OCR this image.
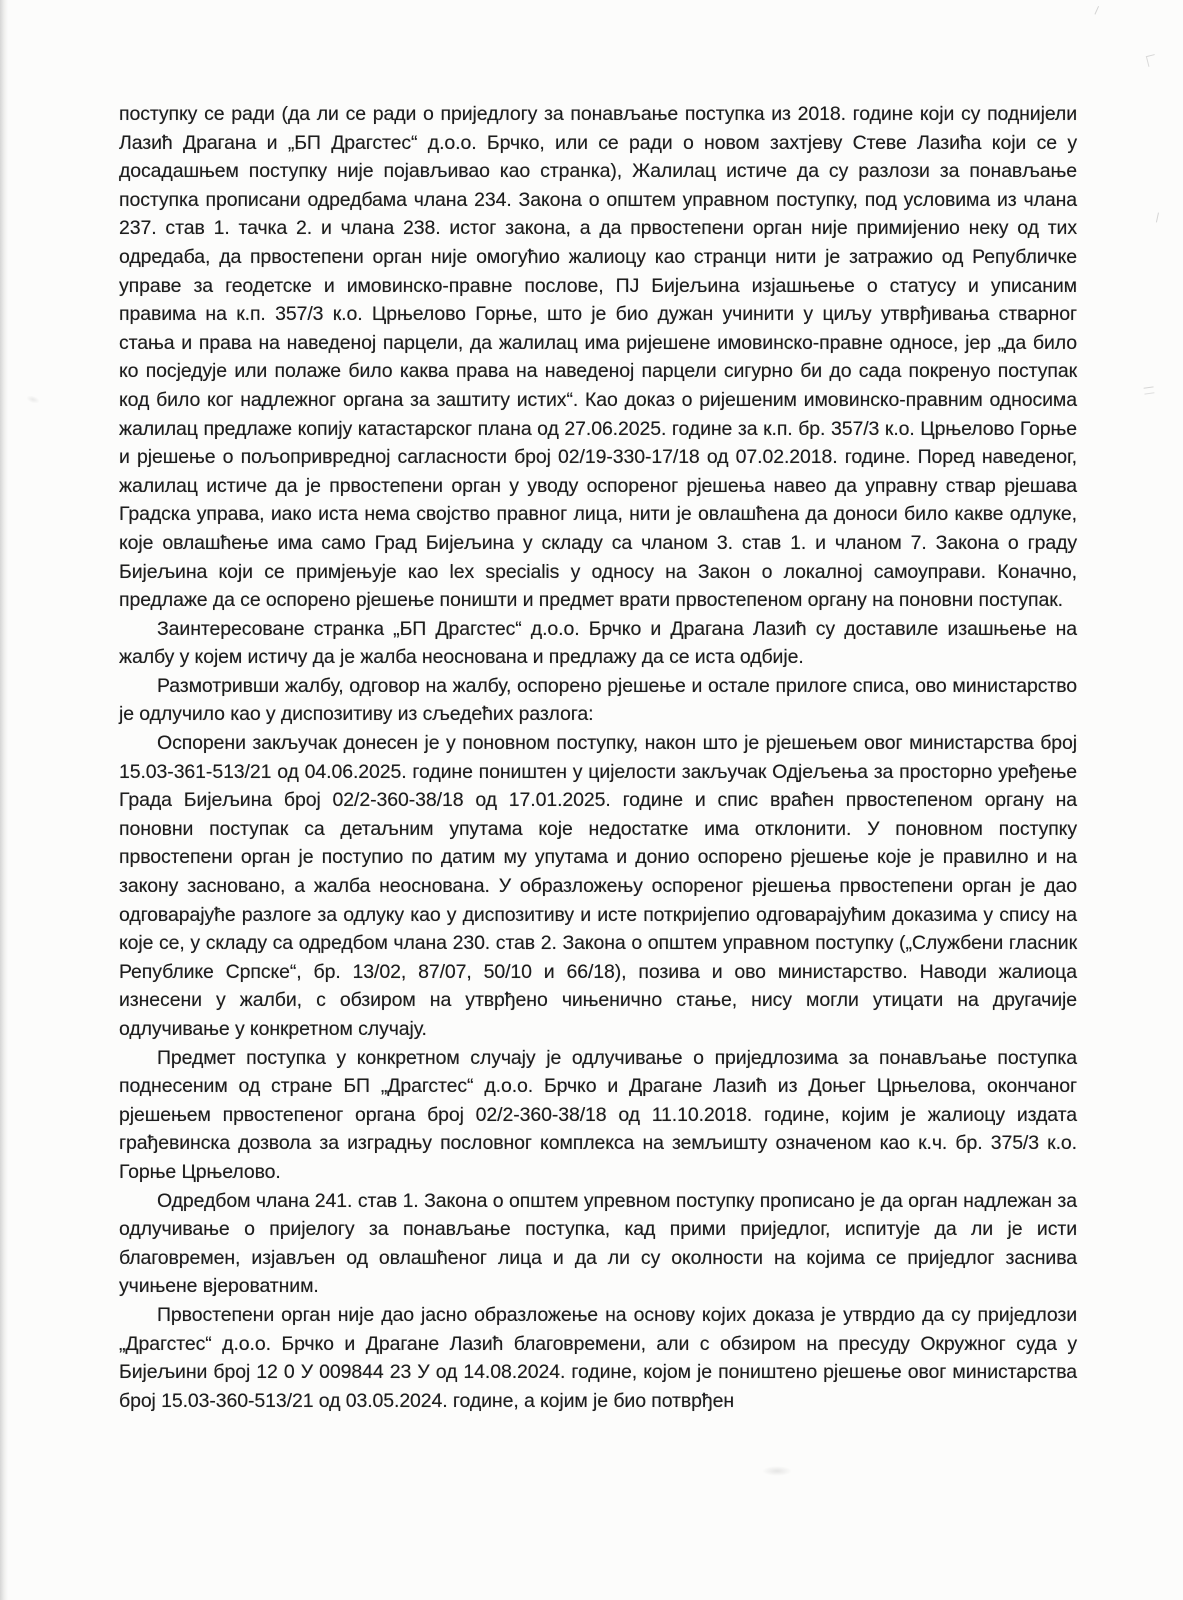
поступку се ради (да ли се ради о приједлогу за понављање поступка из 2018. године који су поднијели Лазић Драгана и „БП Драгстес“ д.о.о. Брчко, или се ради о новом захтјеву Стеве Лазића који се у досадашњем поступку није појављивао као странка), Жалилац истиче да су разлози за понављање поступка прописани одредбама члана 234. Закона о општем управном поступку, под условима из члана 237. став 1. тачка 2. и члана 238. истог закона, а да првостепени орган није примијенио неку од тих одредаба, да првостепени орган није омогућио жалиоцу као странци нити је затражио од Републичке управе за геодетске и имовинско-правне послове, ПЈ Бијељина изјашњење о статусу и уписаним правима на к.п. 357/3 к.о. Црњелово Горње, што је био дужан учинити у циљу утврђивања стварног стања и права на наведеној парцели, да жалилац има ријешене имовинско-правне односе, јер „да било ко посједује или полаже било каква права на наведеној парцели сигурно би до сада покренуо поступак код било ког надлежног органа за заштиту истих“. Као доказ о ријешеним имовинско-правним односима жалилац предлаже копију катастарског плана од 27.06.2025. године за к.п. бр. 357/3 к.о. Црњелово Горње и рјешење о пољопривредној сагласности број 02/19-330-17/18 од 07.02.2018. године. Поред наведеног, жалилац истиче да је првостепени орган у уводу оспореног рјешења навео да управну ствар рјешава Градска управа, иако иста нема својство правног лица, нити је овлашћена да доноси било какве одлуке, које овлашћење има само Град Бијељина у складу са чланом 3. став 1. и чланом 7. Закона о граду Бијељина који се примјењује као lex specialis у односу на Закон о локалној самоуправи. Коначно, предлаже да се оспорено рјешење поништи и предмет врати првостепеном органу на поновни поступак.

Заинтересоване странка „БП Драгстес“ д.о.о. Брчко и Драгана Лазић су доставиле изашњење на жалбу у којем истичу да је жалба неоснована и предлажу да се иста одбије.

Размотривши жалбу, одговор на жалбу, оспорено рјешење и остале прилоге списа, ово министарство је одлучило као у диспозитиву из сљедећих разлога:

Оспорени закључак донесен је у поновном поступку, након што је рјешењем овог министарства број 15.03-361-513/21 од 04.06.2025. године поништен у цијелости закључак Одјељења за просторно уређење Града Бијељина број 02/2-360-38/18 од 17.01.2025. године и спис враћен првостепеном органу на поновни поступак са детаљним упутама које недостатке има отклонити. У поновном поступку првостепени орган је поступио по датим му упутама и донио оспорено рјешење које је правилно и на закону засновано, а жалба неоснована. У образложењу оспореног рјешења првостепени орган је дао одговарајуће разлоге за одлуку као у диспозитиву и исте поткријепио одговарајућим доказима у спису на које се, у складу са одредбом члана 230. став 2. Закона о општем управном поступку („Службени гласник Републике Српске“, бр. 13/02, 87/07, 50/10 и 66/18), позива и ово министарство. Наводи жалиоца изнесени у жалби, с обзиром на утврђено чињенично стање, нису могли утицати на другачије одлучивање у конкретном случају.

Предмет поступка у конкретном случају је одлучивање о приједлозима за понављање поступка поднесеним од стране БП „Драгстес“ д.о.о. Брчко и Драгане Лазић из Доњег Црњелова, окончаног рјешењем првостепеног органа број 02/2-360-38/18 од 11.10.2018. године, којим је жалиоцу издата грађевинска дозвола за изградњу пословног комплекса на земљишту означеном као к.ч. бр. 375/3 к.о. Горње Црњелово.

Одредбом члана 241. став 1. Закона о општем упревном поступку прописано је да орган надлежан за одлучивање о пријелогу за понављање поступка, кад прими приједлог, испитује да ли је исти благовремен, изјављен од овлашћеног лица и да ли су околности на којима се приједлог заснива учињене вјероватним.

Првостепени орган није дао јасно образложење на основу којих доказа је утврдио да су приједлози „Драгстес“ д.о.о. Брчко и Драгане Лазић благовремени, али с обзиром на пресуду Окружног суда у Бијељини број 12 0 У 009844 23 У од 14.08.2024. године, којом је поништено рјешење овог министарства број 15.03-360-513/21 од 03.05.2024. године, а којим је био потврђен
